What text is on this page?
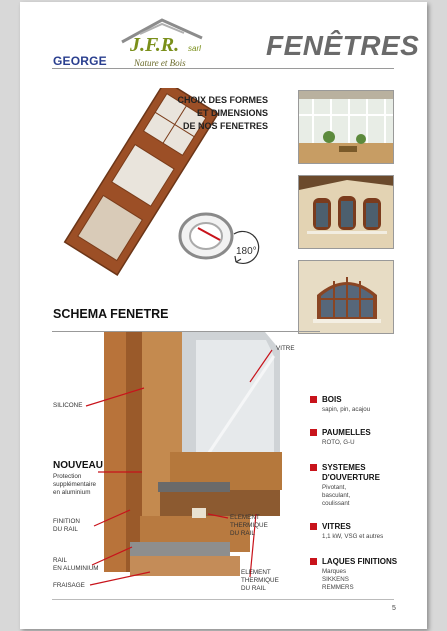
GEORGE
J.F.R. sarl
Nature et Bois
FENÊTRES
CHOIX DES FORMES
ET DIMENSIONS
DE NOS FENETRES
180°
SCHEMA FENETRE
VITRE
SILICONE
NOUVEAU
Protection
supplémentaire
en aluminium
FINITION
DU RAIL
RAIL
EN ALUMINIUM
FRAISAGE
ELEMENT
THERMIQUE
DU RAIL
ELEMENT
THERMIQUE
DU RAIL
BOIS
sapin, pin, acajou
PAUMELLES
ROTO, G-U
SYSTEMES
D'OUVERTURE
Pivotant,
basculant,
coulissant
VITRES
1,1 kW, VSG et autres
LAQUES FINITIONS
Marques
SIKKENS
REMMERS
5
